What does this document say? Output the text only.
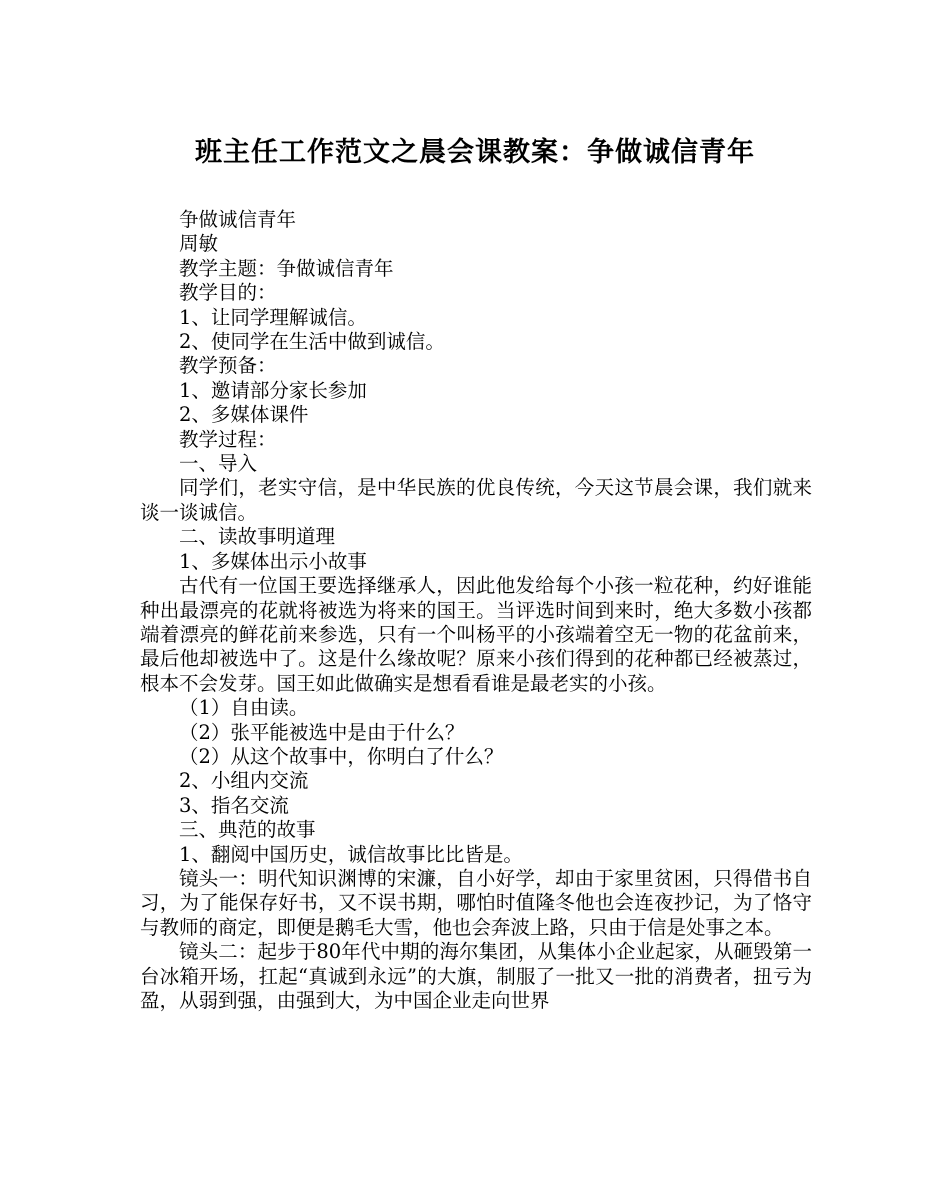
班主任工作范文之晨会课教案：争做诚信青年

争做诚信青年

周敏

教学主题：争做诚信青年

教学目的：

1、让同学理解诚信。

2、使同学在生活中做到诚信。

教学预备：

1、邀请部分家长参加

2、多媒体课件

教学过程：

一、导入

同学们，老实守信，是中华民族的优良传统，今天这节晨会课，我们就来谈一谈诚信。

二、读故事明道理

1、多媒体出示小故事

古代有一位国王要选择继承人，因此他发给每个小孩一粒花种，约好谁能种出最漂亮的花就将被选为将来的国王。当评选时间到来时，绝大多数小孩都端着漂亮的鲜花前来参选，只有一个叫杨平的小孩端着空无一物的花盆前来，最后他却被选中了。这是什么缘故呢？原来小孩们得到的花种都已经被蒸过，根本不会发芽。国王如此做确实是想看看谁是最老实的小孩。

（1）自由读。

（2）张平能被选中是由于什么？

（2）从这个故事中，你明白了什么？

2、小组内交流

3、指名交流

三、典范的故事

1、翻阅中国历史，诚信故事比比皆是。

镜头一：明代知识渊博的宋濂，自小好学，却由于家里贫困，只得借书自习，为了能保存好书，又不误书期，哪怕时值隆冬他也会连夜抄记，为了恪守与教师的商定，即便是鹅毛大雪，他也会奔波上路，只由于信是处事之本。

镜头二：起步于80年代中期的海尔集团，从集体小企业起家，从砸毁第一台冰箱开场，扛起“真诚到永远”的大旗，制服了一批又一批的消费者，扭亏为盈，从弱到强，由强到大，为中国企业走向世界
